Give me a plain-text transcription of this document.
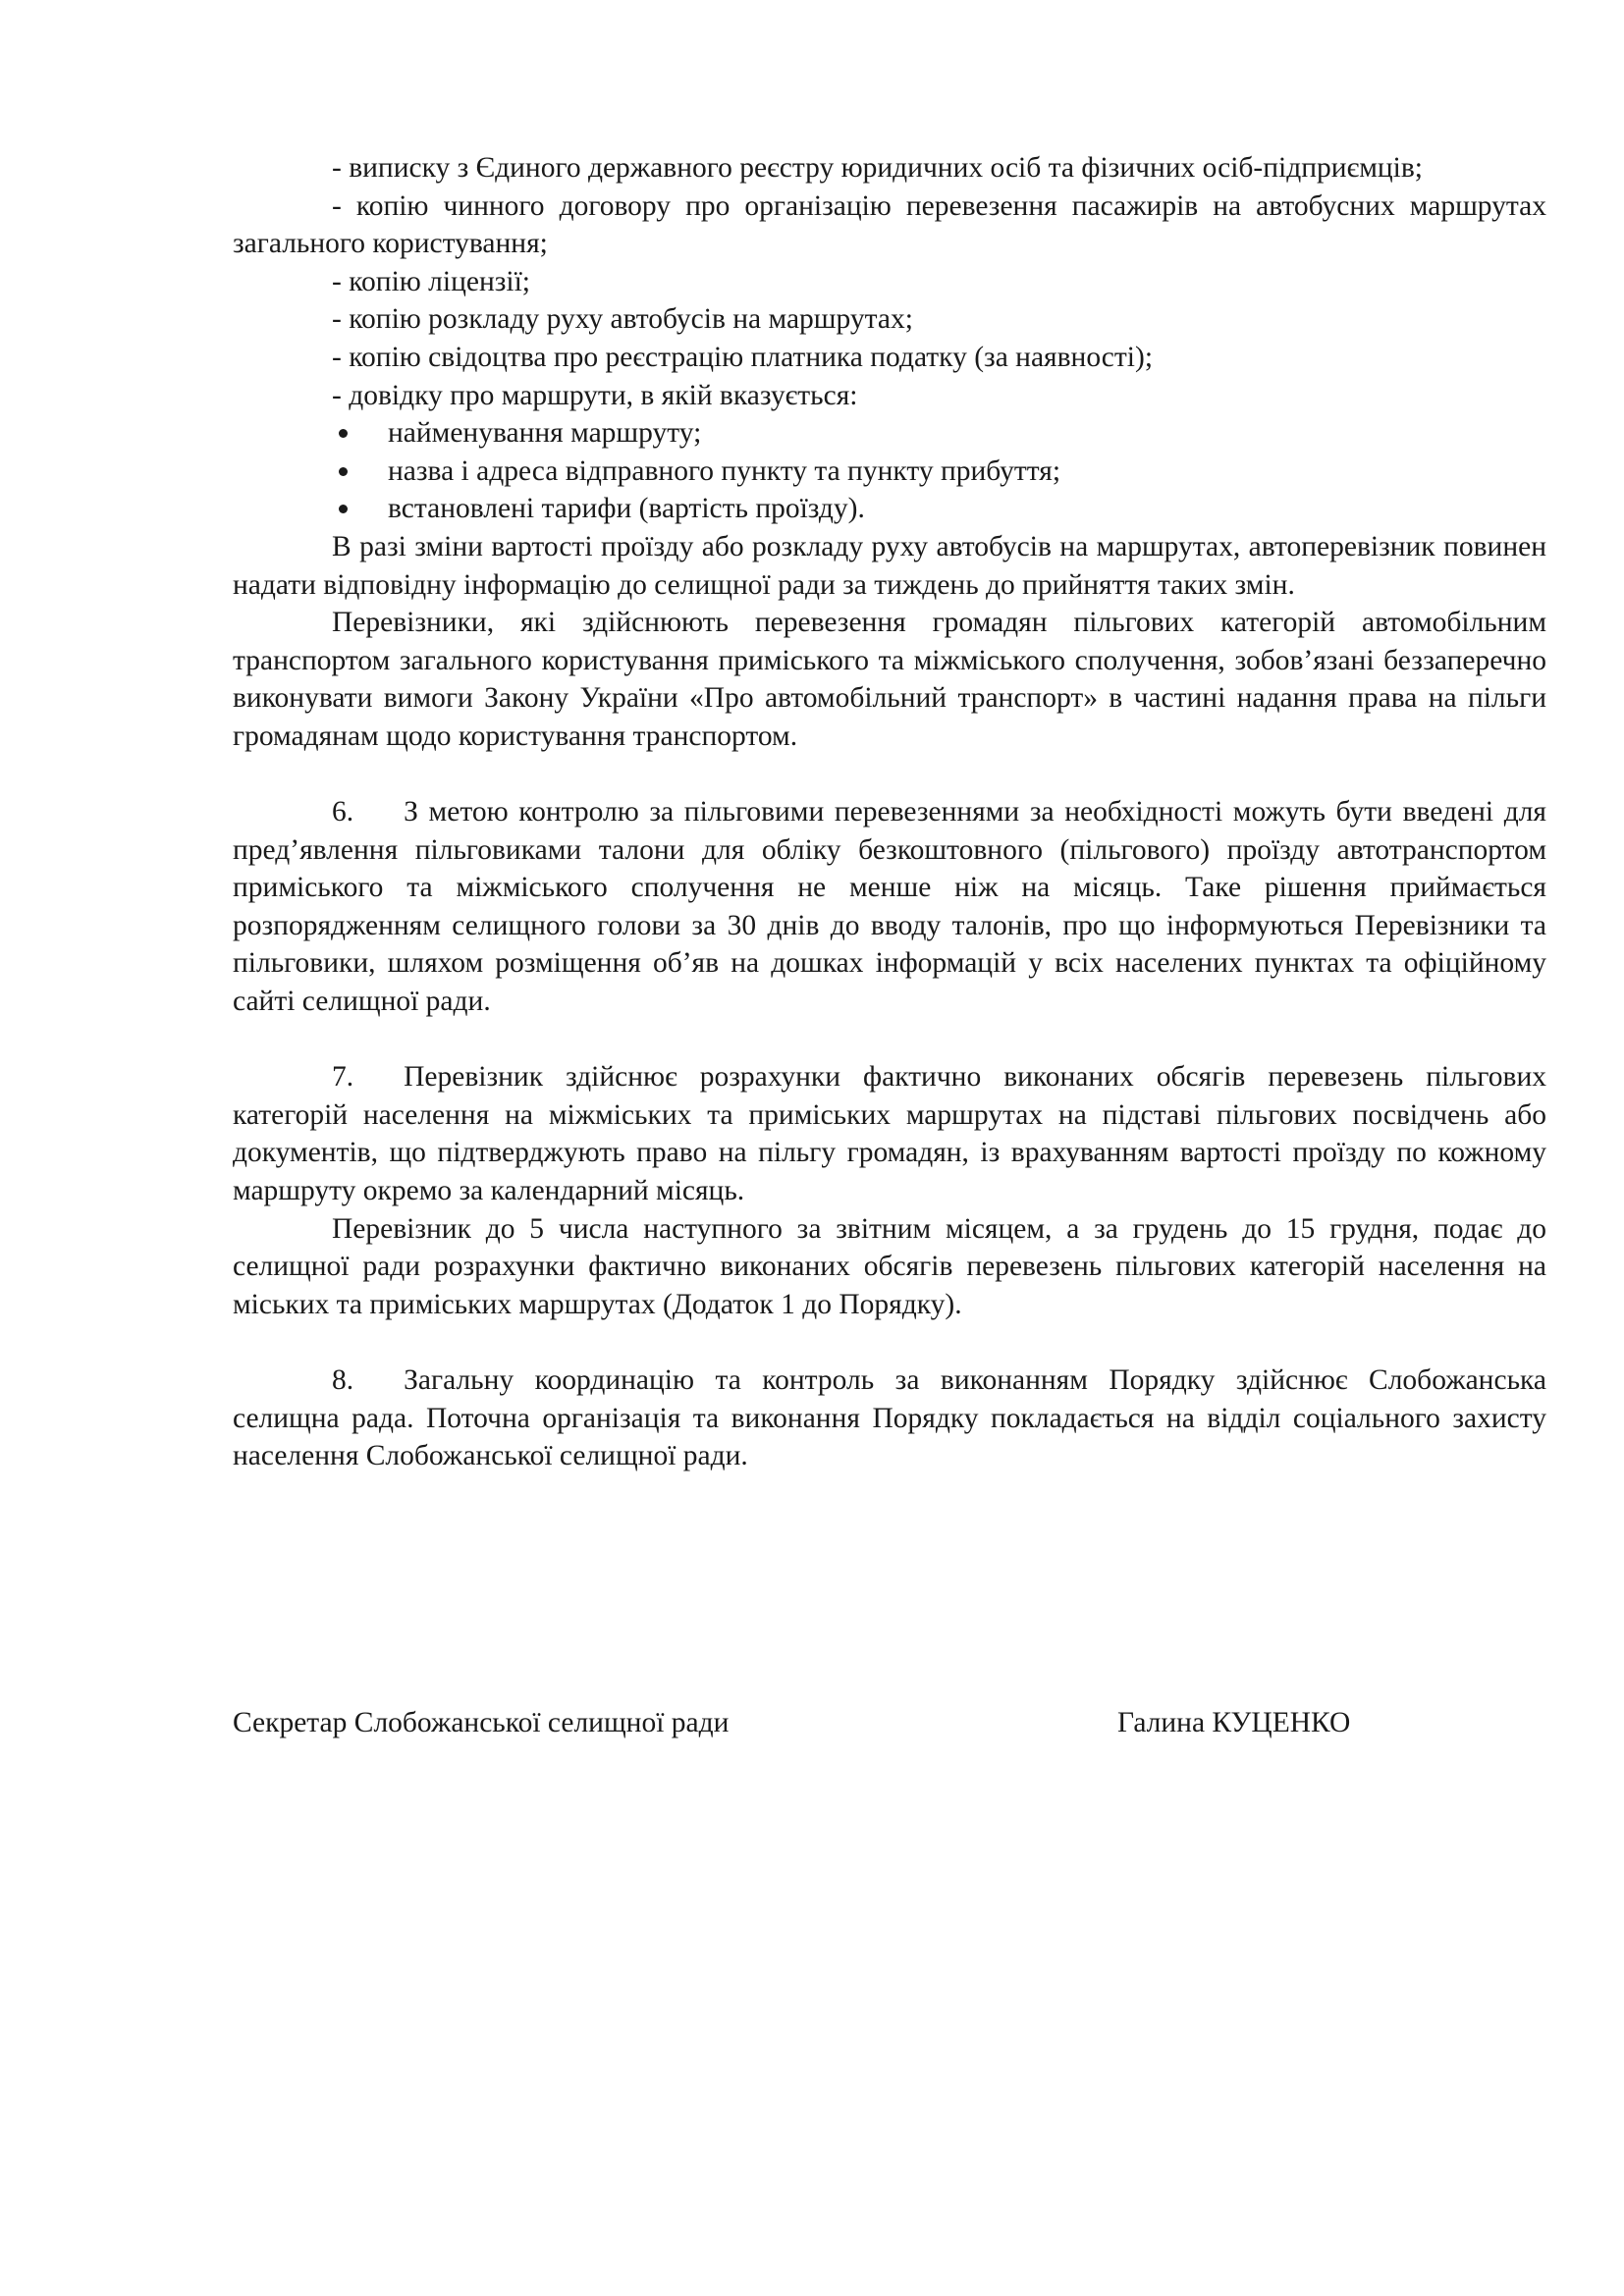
- виписку з Єдиного державного реєстру юридичних осіб та фізичних осіб-підприємців;

- копію чинного договору про організацію перевезення пасажирів на автобусних маршрутах загального користування;

- копію ліцензії;

- копію розкладу руху автобусів на маршрутах;

- копію свідоцтва про реєстрацію платника податку (за наявності);

- довідку про маршрути, в якій вказується:

найменування маршруту;
назва і адреса відправного пункту та пункту прибуття;
встановлені тарифи (вартість проїзду).

В разі зміни вартості проїзду або розкладу руху автобусів на маршрутах, автоперевізник повинен надати відповідну інформацію до селищної ради за тиждень до прийняття таких змін.

Перевізники, які здійснюють перевезення громадян пільгових категорій автомобільним транспортом загального користування приміського та міжміського сполучення, зобов’язані беззаперечно виконувати вимоги Закону України «Про автомобільний транспорт» в частині надання права на пільги громадянам щодо користування транспортом.

6. З метою контролю за пільговими перевезеннями за необхідності можуть бути введені для пред’явлення пільговиками талони для обліку безкоштовного (пільгового) проїзду автотранспортом приміського та міжміського сполучення не менше ніж на місяць. Таке рішення приймається розпорядженням селищного голови за 30 днів до вводу талонів, про що інформуються Перевізники та пільговики, шляхом розміщення об’яв на дошках інформацій у всіх населених пунктах та офіційному сайті селищної ради.

7. Перевізник здійснює розрахунки фактично виконаних обсягів перевезень пільгових категорій населення на міжміських та приміських маршрутах на підставі пільгових посвідчень або документів, що підтверджують право на пільгу громадян, із врахуванням вартості проїзду по кожному маршруту окремо за календарний місяць.

Перевізник до 5 числа наступного за звітним місяцем, а за грудень до 15 грудня, подає до селищної ради розрахунки фактично виконаних обсягів перевезень пільгових категорій населення на міських та приміських маршрутах (Додаток 1 до Порядку).

8. Загальну координацію та контроль за виконанням Порядку здійснює Слобожанська селищна рада. Поточна організація та виконання Порядку покладається на відділ соціального захисту населення Слобожанської селищної ради.

Секретар Слобожанської селищної ради	Галина КУЦЕНКО
